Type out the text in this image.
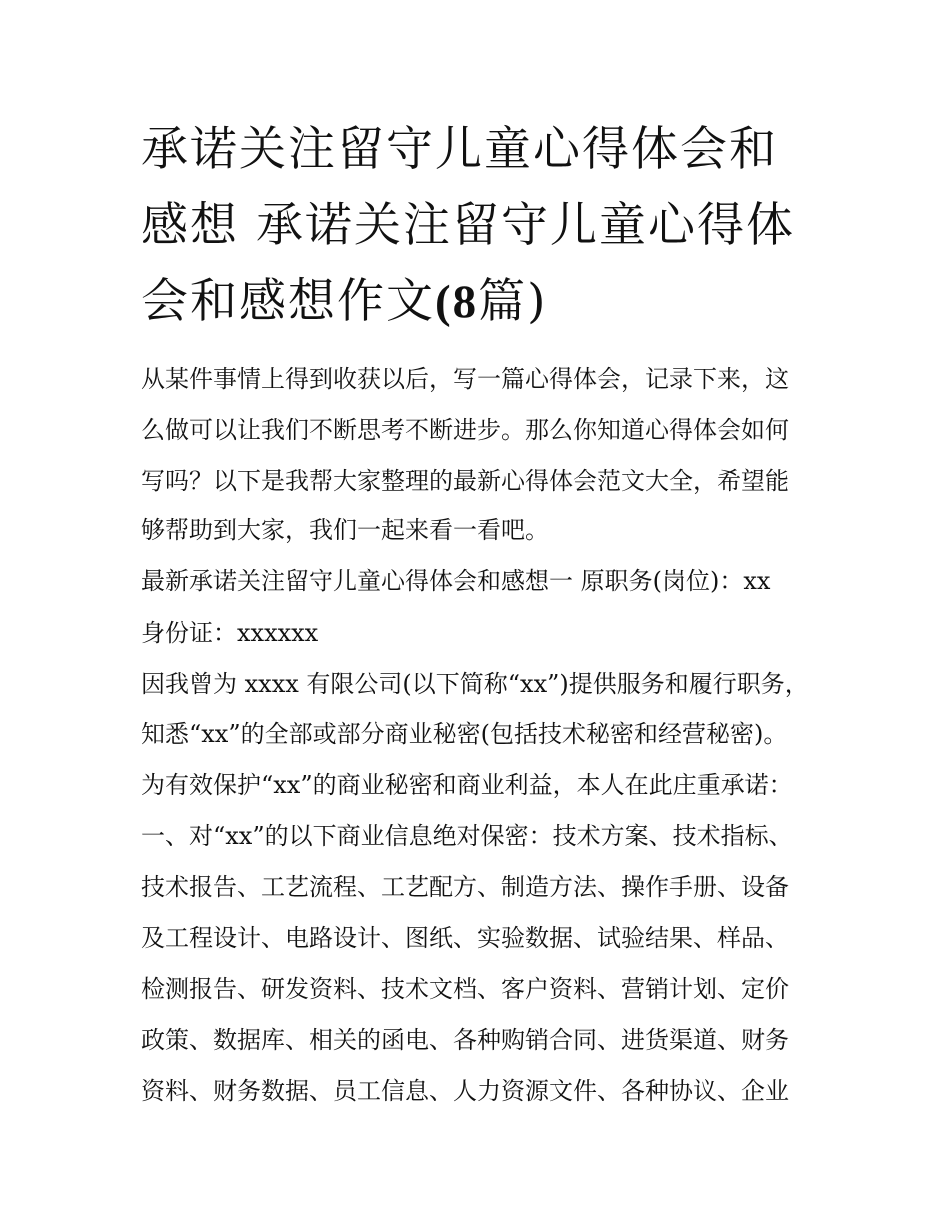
承诺关注留守儿童心得体会和
感想 承诺关注留守儿童心得体
会和感想作文(8篇)
从某件事情上得到收获以后，写一篇心得体会，记录下来，这
么做可以让我们不断思考不断进步。那么你知道心得体会如何
写吗？以下是我帮大家整理的最新心得体会范文大全，希望能
够帮助到大家，我们一起来看一看吧。
最新承诺关注留守儿童心得体会和感想一 原职务(岗位)：xx
身份证：xxxxxx
因我曾为 xxxx 有限公司(以下简称“xx”)提供服务和履行职务，
知悉“xx”的全部或部分商业秘密(包括技术秘密和经营秘密)。
为有效保护“xx”的商业秘密和商业利益，本人在此庄重承诺：
一、对“xx”的以下商业信息绝对保密：技术方案、技术指标、
技术报告、工艺流程、工艺配方、制造方法、操作手册、设备
及工程设计、电路设计、图纸、实验数据、试验结果、样品、
检测报告、研发资料、技术文档、客户资料、营销计划、定价
政策、数据库、相关的函电、各种购销合同、进货渠道、财务
资料、财务数据、员工信息、人力资源文件、各种协议、企业
